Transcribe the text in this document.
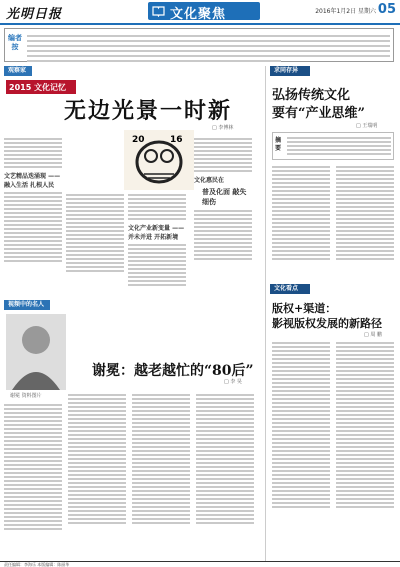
光明日报	文化聚焦	2016年1月2日 星期六 05
编者按
观察家
2015 文化记忆
无边光景一时新
□ 李博林
20	16
文艺精品迭涌现 —— 融入生活 扎根人民
文化产业新变量 —— 并未并进 开拓新境
文化惠民在
普及化面 敲失细伤
视频中的名人
谢冕：越老越忙的“80后”
□ 李 昊
谢冕 资料图片
求同存异
弘扬传统文化
要有“产业思维”
□ 王瑞明
摘要
文化看点
版权+渠道：
影视版权发展的新路径
□ 周 鹏
责任编辑：李海乐 本版编辑：陈丽华
